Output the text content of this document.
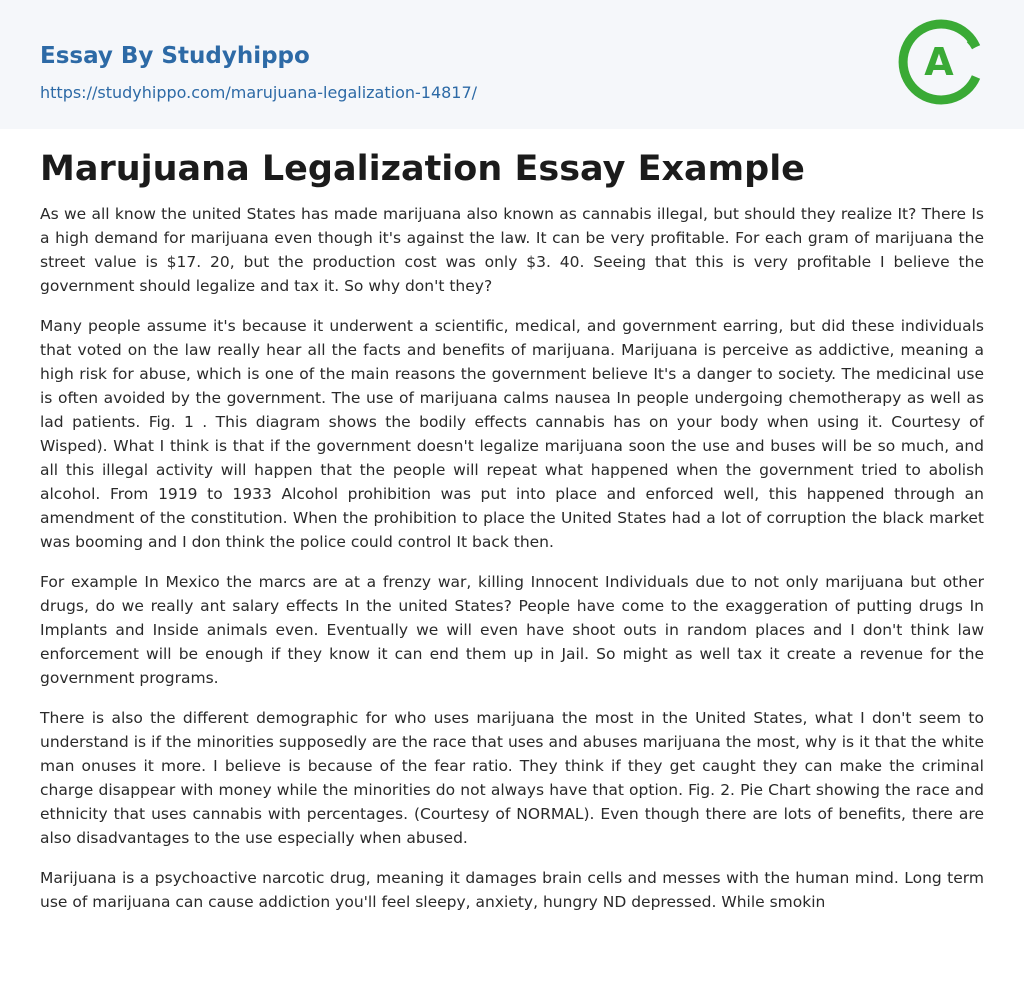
Essay By Studyhippo
https://studyhippo.com/marujuana-legalization-14817/
A
Marujuana Legalization Essay Example

As we all know the united States has made marijuana also known as cannabis illegal, but should they realize It? There Is a high demand for marijuana even though it's against the law. It can be very profitable. For each gram of marijuana the street value is $17. 20, but the production cost was only $3. 40. Seeing that this is very profitable I believe the government should legalize and tax it. So why don't they?

Many people assume it's because it underwent a scientific, medical, and government earring, but did these individuals that voted on the law really hear all the facts and benefits of marijuana. Marijuana is perceive as addictive, meaning a high risk for abuse, which is one of the main reasons the government believe It's a danger to society. The medicinal use is often avoided by the government. The use of marijuana calms nausea In people undergoing chemotherapy as well as lad patients. Fig. 1 . This diagram shows the bodily effects cannabis has on your body when using it. Courtesy of Wisped). What I think is that if the government doesn't legalize marijuana soon the use and buses will be so much, and all this illegal activity will happen that the people will repeat what happened when the government tried to abolish alcohol. From 1919 to 1933 Alcohol prohibition was put into place and enforced well, this happened through an amendment of the constitution. When the prohibition to place the United States had a lot of corruption the black market was booming and I don think the police could control It back then.

For example In Mexico the marcs are at a frenzy war, killing Innocent Individuals due to not only marijuana but other drugs, do we really ant salary effects In the united States? People have come to the exaggeration of putting drugs In Implants and Inside animals even. Eventually we will even have shoot outs in random places and I don't think law enforcement will be enough if they know it can end them up in Jail. So might as well tax it create a revenue for the government programs.

There is also the different demographic for who uses marijuana the most in the United States, what I don't seem to understand is if the minorities supposedly are the race that uses and abuses marijuana the most, why is it that the white man onuses it more. I believe is because of the fear ratio. They think if they get caught they can make the criminal charge disappear with money while the minorities do not always have that option. Fig. 2. Pie Chart showing the race and ethnicity that uses cannabis with percentages. (Courtesy of NORMAL). Even though there are lots of benefits, there are also disadvantages to the use especially when abused.

Marijuana is a psychoactive narcotic drug, meaning it damages brain cells and messes with the human mind. Long term use of marijuana can cause addiction you'll feel sleepy, anxiety, hungry ND depressed. While smokin
